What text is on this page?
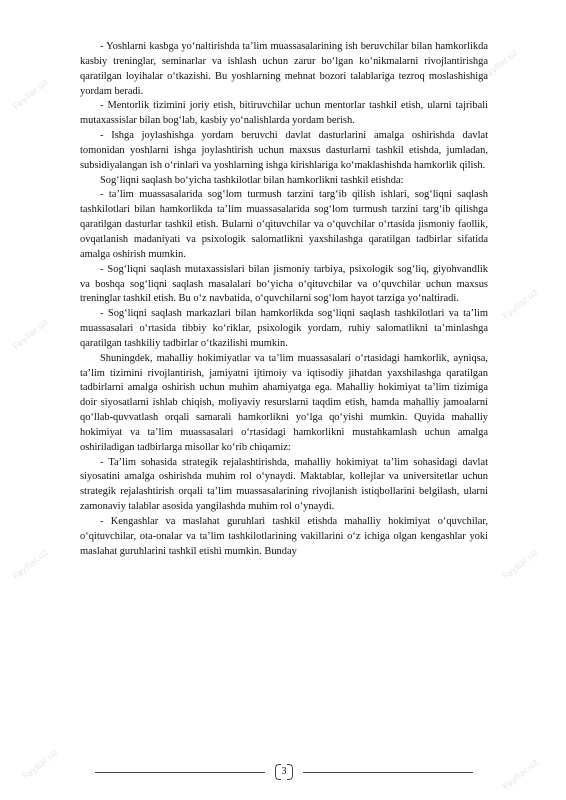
Fayllar.uz
Fayllar.uz
Fayllar.uz
Fayllar.uz
Fayllar.uz	Fayllar.uz
Fayllar.uz	Fayllar.uz

- Yoshlarni kasbga yo‘naltirishda ta’lim muassasalarining ish beruvchilar bilan hamkorlikda kasbiy treninglar, seminarlar va ishlash uchun zarur bo‘lgan ko‘nikmalarni rivojlantirishga qaratilgan loyihalar o‘tkazishi. Bu yoshlarning mehnat bozori talablariga tezroq moslashishiga yordam beradi.

- Mentorlik tizimini joriy etish, bitiruvchilar uchun mentorlar tashkil etish, ularni tajribali mutaxassislar bilan bog‘lab, kasbiy yo‘nalishlarda yordam berish.

- Ishga joylashishga yordam beruvchi davlat dasturlarini amalga oshirishda davlat tomonidan yoshlarni ishga joylashtirish uchun maxsus dasturlarni tashkil etishda, jumladan, subsidiyalangan ish o‘rinlari va yoshlarning ishga kirishlariga ko‘maklashishda hamkorlik qilish.

Sog‘liqni saqlash bo‘yicha tashkilotlar bilan hamkorlikni tashkil etishda:

- ta’lim muassasalarida sog‘lom turmush tarzini targ‘ib qilish ishlari, sog‘liqni saqlash tashkilotlari bilan hamkorlikda ta’lim muassasalarida sog‘lom turmush tarzini targ‘ib qilishga qaratilgan dasturlar tashkil etish. Bularni o‘qituvchilar va o‘quvchilar o‘rtasida jismoniy faollik, ovqatlanish madaniyati va psixologik salomatlikni yaxshilashga qaratilgan tadbirlar sifatida amalga oshirish mumkin.

- Sog‘liqni saqlash mutaxassislari bilan jismoniy tarbiya, psixologik sog‘liq, giyohvandlik va boshqa sog‘liqni saqlash masalalari bo‘yicha o‘qituvchilar va o‘quvchilar uchun maxsus treninglar tashkil etish. Bu o‘z navbatida, o‘quvchilarni sog‘lom hayot tarziga yo‘naltiradi.

- Sog‘liqni saqlash markazlari bilan hamkorlikda sog‘liqni saqlash tashkilotlari va ta’lim muassasalari o‘rtasida tibbiy ko‘riklar, psixologik yordam, ruhiy salomatlikni ta’minlashga qaratilgan tashkiliy tadbirlar o‘tkazilishi mumkin.

Shuningdek, mahalliy hokimiyatlar va ta’lim muassasalari o‘rtasidagi hamkorlik, ayniqsa, ta’lim tizimini rivojlantirish, jamiyatni ijtimoiy va iqtisodiy jihatdan yaxshilashga qaratilgan tadbirlarni amalga oshirish uchun muhim ahamiyatga ega. Mahalliy hokimiyat ta’lim tizimiga doir siyosatlarni ishlab chiqish, moliyaviy resurslarni taqdim etish, hamda mahalliy jamoalarni qo‘llab-quvvatlash orqali samarali hamkorlikni yo‘lga qo‘yishi mumkin. Quyida mahalliy hokimiyat va ta’lim muassasalari o‘rtasidagi hamkorlikni mustahkamlash uchun amalga oshiriladigan tadbirlarga misollar ko‘rib chiqamiz:

- Ta’lim sohasida strategik rejalashtirishda, mahalliy hokimiyat ta’lim sohasidagi davlat siyosatini amalga oshirishda muhim rol o‘ynaydi. Maktablar, kollejlar va universitetlar uchun strategik rejalashtirish orqali ta’lim muassasalarining rivojlanish istiqbollarini belgilash, ularni zamonaviy talablar asosida yangilashda muhim rol o‘ynaydi.

- Kengashlar va maslahat guruhlari tashkil etishda mahalliy hokimiyat o‘quvchilar, o‘qituvchilar, ota-onalar va ta’lim tashkilotlarining vakillarini o‘z ichiga olgan kengashlar yoki maslahat guruhlarini tashkil etishi mumkin. Bunday

3
